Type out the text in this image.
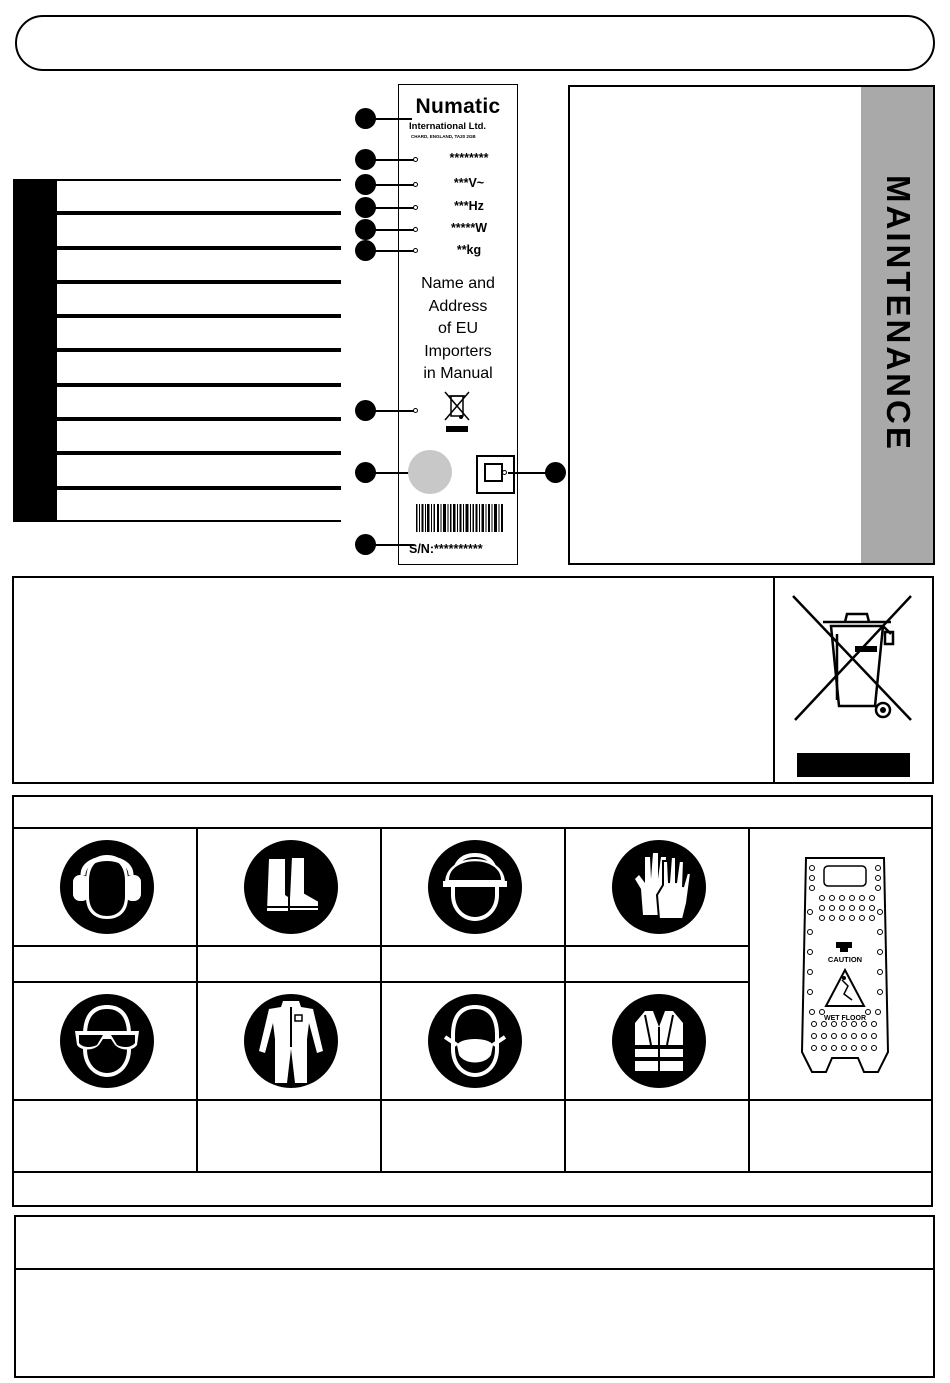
Numatic
International Ltd.
CHARD, ENGLAND, TA20 2GB
********
***V~
***Hz
*****W
**kg
Name and
Address
of EU
Importers
in Manual
S/N:**********
MAINTENANCE
CAUTION
WET FLOOR
